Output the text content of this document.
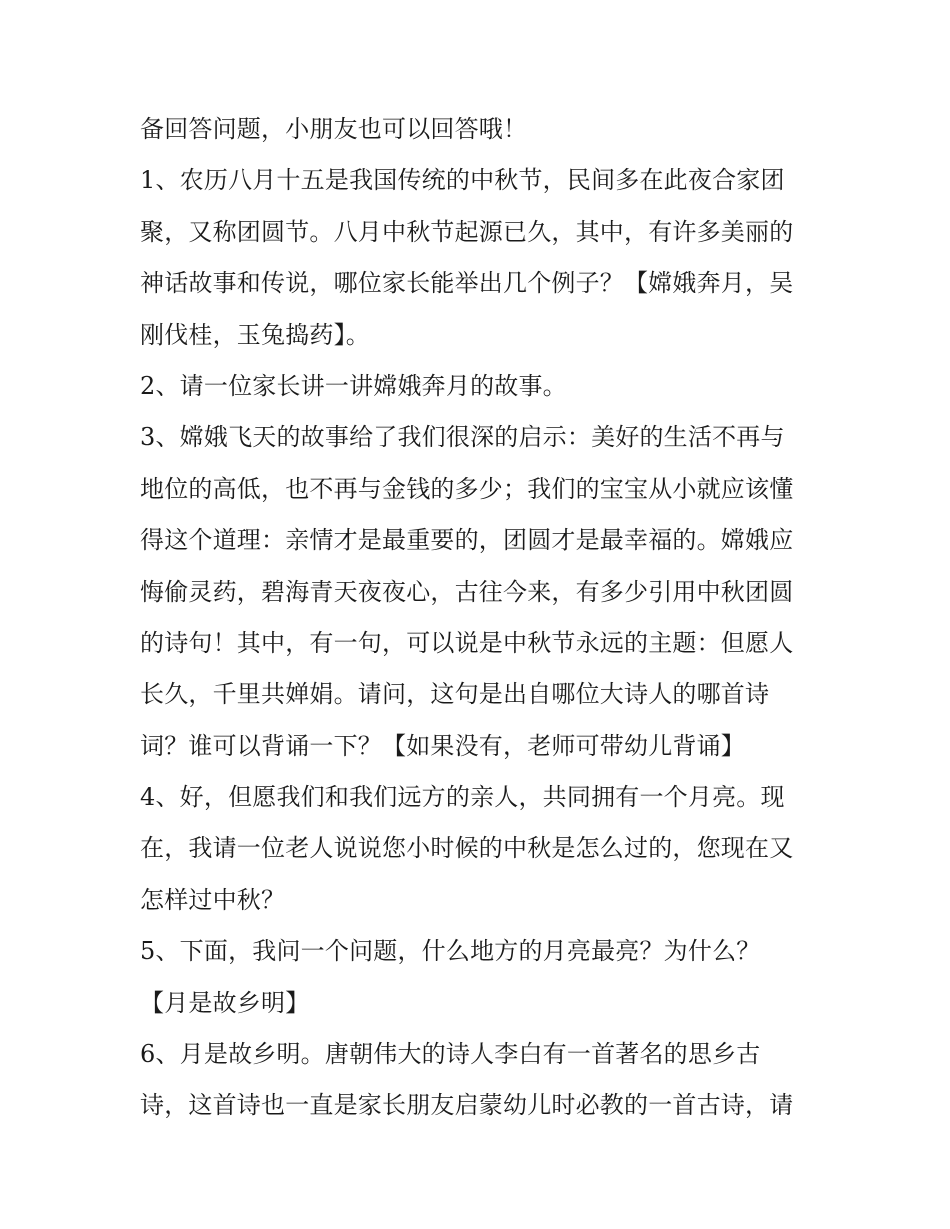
备回答问题，小朋友也可以回答哦！
1、农历八月十五是我国传统的中秋节，民间多在此夜合家团
聚，又称团圆节。八月中秋节起源已久，其中，有许多美丽的
神话故事和传说，哪位家长能举出几个例子？【嫦娥奔月，吴
刚伐桂，玉兔捣药】。
2、请一位家长讲一讲嫦娥奔月的故事。
3、嫦娥飞天的故事给了我们很深的启示：美好的生活不再与
地位的高低，也不再与金钱的多少；我们的宝宝从小就应该懂
得这个道理：亲情才是最重要的，团圆才是最幸福的。嫦娥应
悔偷灵药，碧海青天夜夜心，古往今来，有多少引用中秋团圆
的诗句！其中，有一句，可以说是中秋节永远的主题：但愿人
长久，千里共婵娟。请问，这句是出自哪位大诗人的哪首诗
词？谁可以背诵一下？【如果没有，老师可带幼儿背诵】
4、好，但愿我们和我们远方的亲人，共同拥有一个月亮。现
在，我请一位老人说说您小时候的中秋是怎么过的，您现在又
怎样过中秋？
5、下面，我问一个问题，什么地方的月亮最亮？为什么？
【月是故乡明】
6、月是故乡明。唐朝伟大的诗人李白有一首著名的思乡古
诗，这首诗也一直是家长朋友启蒙幼儿时必教的一首古诗，请
